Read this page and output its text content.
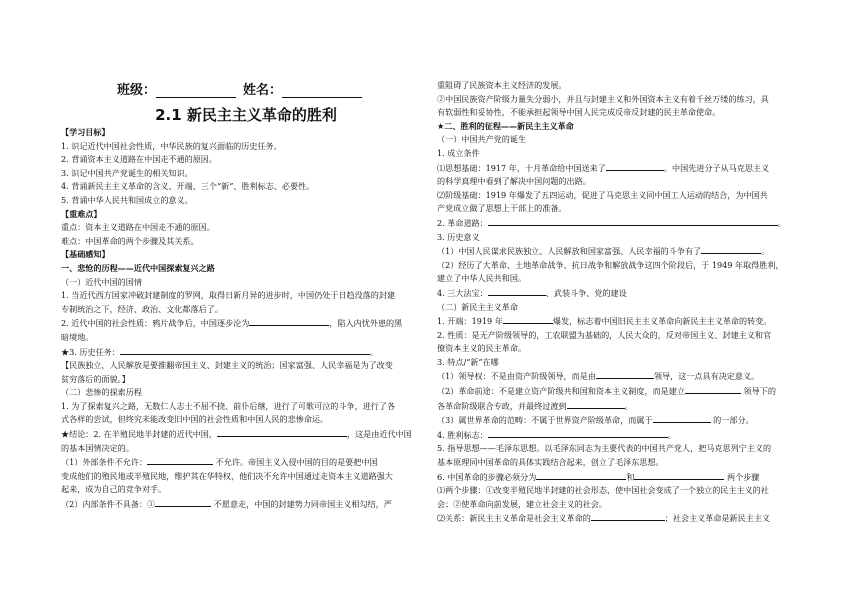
班级：	姓名：
2.1 新民主主义革命的胜利

【学习目标】

1. 识记近代中国社会性质，中华民族的复兴面临的历史任务。

2. 背诵资本主义道路在中国走不通的原因。

3. 识记中国共产党诞生的相关知识。

4. 背诵新民主主义革命的含义、开端、三个“新”、胜利标志、必要性。

5. 背诵中华人民共和国成立的意义。

【重难点】

重点：资本主义道路在中国走不通的原因。

难点：中国革命的两个步骤及其关系。

【基础感知】

一、悲怆的历程——近代中国探索复兴之路

（一）近代中国的国情

1. 当近代西方国家冲破封建制度的罗网，取得日新月异的进步时，中国仍处于日趋没落的封建

专制统治之下，经济、政治、文化都落后了。

2. 近代中国的社会性质：鸦片战争后，中国逐步沦为	，陷入内忧外患的黑

暗境地。

★3. 历史任务：	。

【民族独立，人民解放是要推翻帝国主义、封建主义的统治；国家富强、人民幸福是为了改变

贫穷落后的面貌。】

（二）悲惨的探索历程

1. 为了探索复兴之路，无数仁人志士不屈不挠、前仆后继，进行了可歌可泣的斗争，进行了各

式各样的尝试，但终究未能改变旧中国的社会性质和中国人民的悲惨命运。

★结论：2. 在半殖民地半封建的近代中国，	，这是由近代中国

的基本国情决定的。

（1）外部条件不允许：	不允许。帝国主义入侵中国的目的是要把中国

变成他们的殖民地或半殖民地，维护其在华特权，他们决不允许中国通过走资本主义道路强大

起来，成为自己的竞争对手。

（2）内部条件不具备：①	不愿意走，中国的封建势力同帝国主义相勾结，严

重阻碍了民族资本主义经济的发展。

②中国民族资产阶级力量失分弱小，并且与封建主义和外国资本主义有着千丝万缕的练习，具

有软弱性和妥协性，不能承担起领导中国人民完成反帝反封建的民主革命使命。

★二、胜利的征程——新民主主义革命

（一）中国共产党的诞生

1. 成立条件

⑴思想基础：1917 年，十月革命给中国送来了	。中国先进分子从马克思主义

的科学真理中看到了解决中国问题的出路。

⑵阶级基础：1919 年爆发了五四运动，促进了马克思主义同中国工人运动的结合，为中国共

产党成立做了思想上干部上的准备。

2. 革命道路：	。

3. 历史意义

（1）中国人民谋求民族独立、人民解放和国家富强、人民幸福的斗争有了	。

（2）经历了大革命、土地革命战争、抗日战争和解放战争这四个阶段后，于 1949 年取得胜利，

建立了中华人民共和国。

4. 三大法宝：	、武装斗争、党的建设

（二）新民主主义革命

1. 开端：1919 年	爆发，标志着中国旧民主主义革命向新民主主义革命的转变。

2. 性质：是无产阶级领导的，工农联盟为基础的，人民大众的，反对帝国主义、封建主义和官

僚资本主义的民主革命。

3. 特点/“新”在哪

（1）领导权：不是由资产阶级领导，而是由	领导，这一点具有决定意义。

（2）革命前途：不是建立资产阶级共和国和资本主义制度，而是建立	领导下的

各革命阶级联合专政，并最终过渡到	。

（3）属世界革命的范畴：不属于世界资产阶级革命，而属于	的一部分。

4. 胜利标志：	。

5. 指导思想——毛泽东思想。以毛泽东同志为主要代表的中国共产党人，把马克思列宁主义的

基本原理同中国革命的具体实践结合起来，创立了毛泽东思想。

6. 中国革命的步骤必须分为	和	两个步骤

⑴两个步骤：①改变半殖民地半封建的社会形态，使中国社会变成了一个独立的民主主义的社

会；②使革命向前发展，建立社会主义的社会。

⑵关系：新民主主义革命是社会主义革命的	；社会主义革命是新民主主义
